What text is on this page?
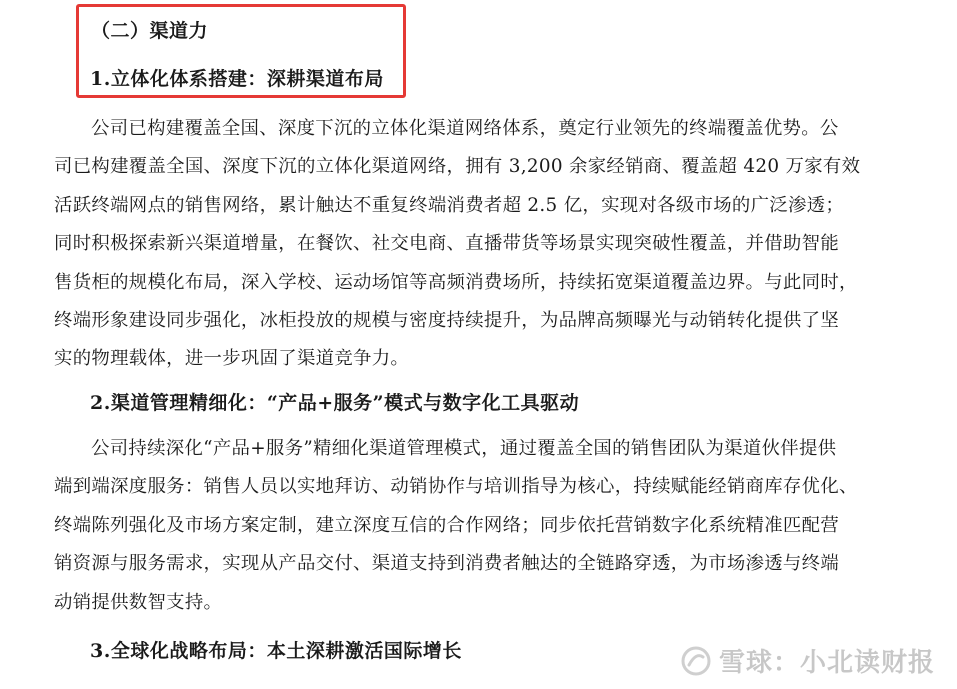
（二）渠道力
1.立体化体系搭建：深耕渠道布局
公司已构建覆盖全国、深度下沉的立体化渠道网络体系，奠定行业领先的终端覆盖优势。公
司已构建覆盖全国、深度下沉的立体化渠道网络，拥有 3,200 余家经销商、覆盖超 420 万家有效
活跃终端网点的销售网络，累计触达不重复终端消费者超 2.5 亿，实现对各级市场的广泛渗透；
同时积极探索新兴渠道增量，在餐饮、社交电商、直播带货等场景实现突破性覆盖，并借助智能
售货柜的规模化布局，深入学校、运动场馆等高频消费场所，持续拓宽渠道覆盖边界。与此同时，
终端形象建设同步强化，冰柜投放的规模与密度持续提升，为品牌高频曝光与动销转化提供了坚
实的物理载体，进一步巩固了渠道竞争力。
2.渠道管理精细化：“产品+服务”模式与数字化工具驱动
公司持续深化“产品+服务”精细化渠道管理模式，通过覆盖全国的销售团队为渠道伙伴提供
端到端深度服务：销售人员以实地拜访、动销协作与培训指导为核心，持续赋能经销商库存优化、
终端陈列强化及市场方案定制，建立深度互信的合作网络；同步依托营销数字化系统精准匹配营
销资源与服务需求，实现从产品交付、渠道支持到消费者触达的全链路穿透，为市场渗透与终端
动销提供数智支持。
3.全球化战略布局：本土深耕激活国际增长	雪球：小北读财报
